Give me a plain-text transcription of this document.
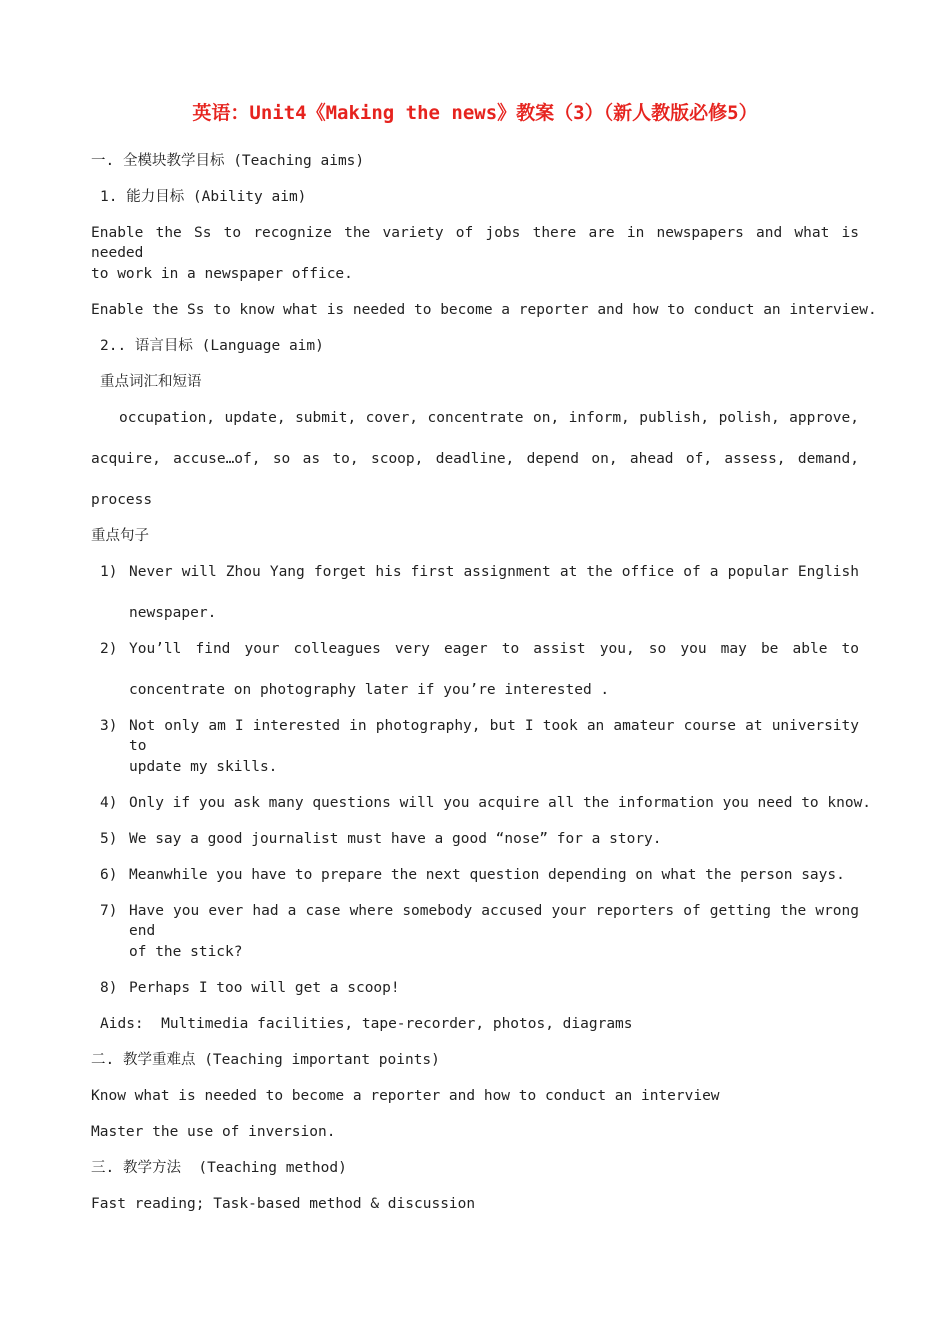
英语：Unit4《Making the news》教案（3）（新人教版必修5）
一. 全模块教学目标 (Teaching aims)
1. 能力目标 (Ability aim)
Enable the Ss to recognize the variety of jobs there are in newspapers and what is needed
to work in a newspaper office.
Enable the Ss to know what is needed to become a reporter and how to conduct an interview.
2.. 语言目标 (Language aim)
重点词汇和短语
occupation, update, submit, cover, concentrate on, inform, publish, polish, approve,
acquire, accuse…of, so as to, scoop, deadline, depend on, ahead of, assess, demand,
process
重点句子
1) Never will Zhou Yang forget his first assignment at the office of a popular English
newspaper.
2) You’ll find your colleagues very eager to assist you, so you may be able to
concentrate on photography later if you’re interested .
3) Not only am I interested in photography, but I took an amateur course at university to
update my skills.
4) Only if you ask many questions will you acquire all the information you need to know.
5) We say a good journalist must have a good “nose” for a story.
6) Meanwhile you have to prepare the next question depending on what the person says.
7) Have you ever had a case where somebody accused your reporters of getting the wrong end
of the stick?
8) Perhaps I too will get a scoop!
Aids:  Multimedia facilities, tape-recorder, photos, diagrams
二. 教学重难点 (Teaching important points)
Know what is needed to become a reporter and how to conduct an interview
Master the use of inversion.
三. 教学方法  (Teaching method)
Fast reading; Task-based method & discussion
